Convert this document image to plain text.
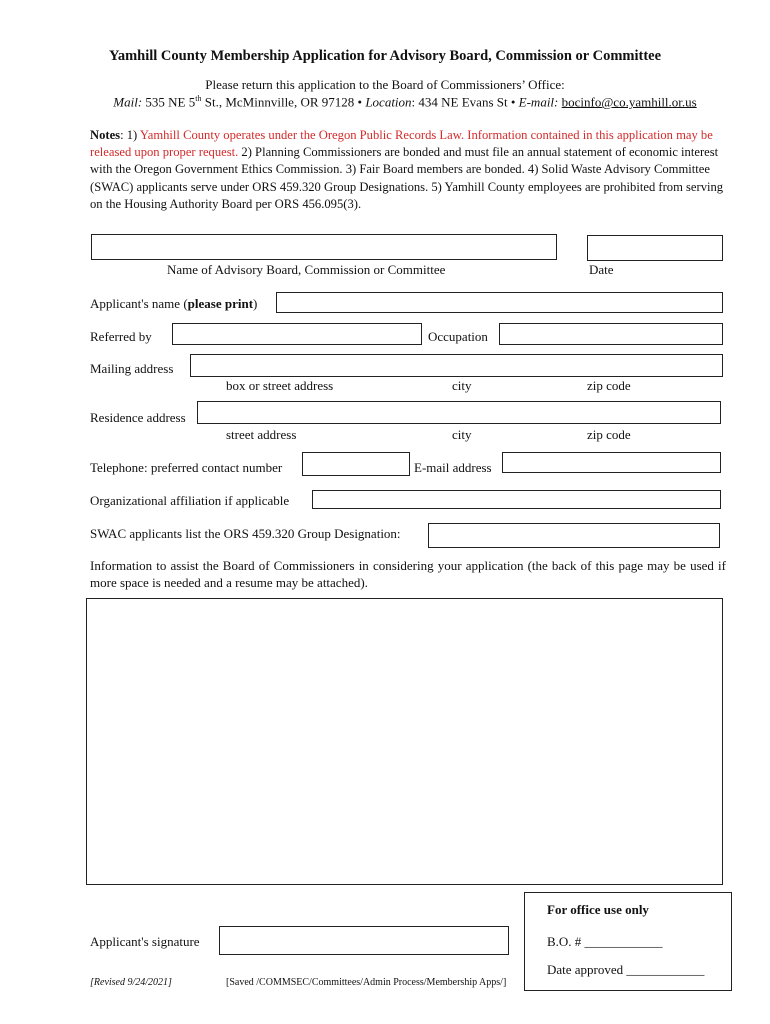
Yamhill County Membership Application for Advisory Board, Commission or Committee
Please return this application to the Board of Commissioners’ Office:
Mail: 535 NE 5th St., McMinnville, OR 97128 • Location: 434 NE Evans St • E-mail: bocinfo@co.yamhill.or.us
Notes: 1) Yamhill County operates under the Oregon Public Records Law. Information contained in this application may be released upon proper request. 2) Planning Commissioners are bonded and must file an annual statement of economic interest with the Oregon Government Ethics Commission. 3) Fair Board members are bonded. 4) Solid Waste Advisory Committee (SWAC) applicants serve under ORS 459.320 Group Designations. 5) Yamhill County employees are prohibited from serving on the Housing Authority Board per ORS 456.095(3).
Name of Advisory Board, Commission or Committee	Date
Applicant's name (please print)
Referred by	Occupation
Mailing address
box or street address	city	zip code
Residence address
street address	city	zip code
Telephone: preferred contact number	E-mail address
Organizational affiliation if applicable
SWAC applicants list the ORS 459.320 Group Designation:
Information to assist the Board of Commissioners in considering your application (the back of this page may be used if more space is needed and a resume may be attached).
Applicant's signature
For office use only
B.O. # ____________
Date approved ____________
[Revised 9/24/2021]	[Saved /COMMSEC/Committees/Admin Process/Membership Apps/]
